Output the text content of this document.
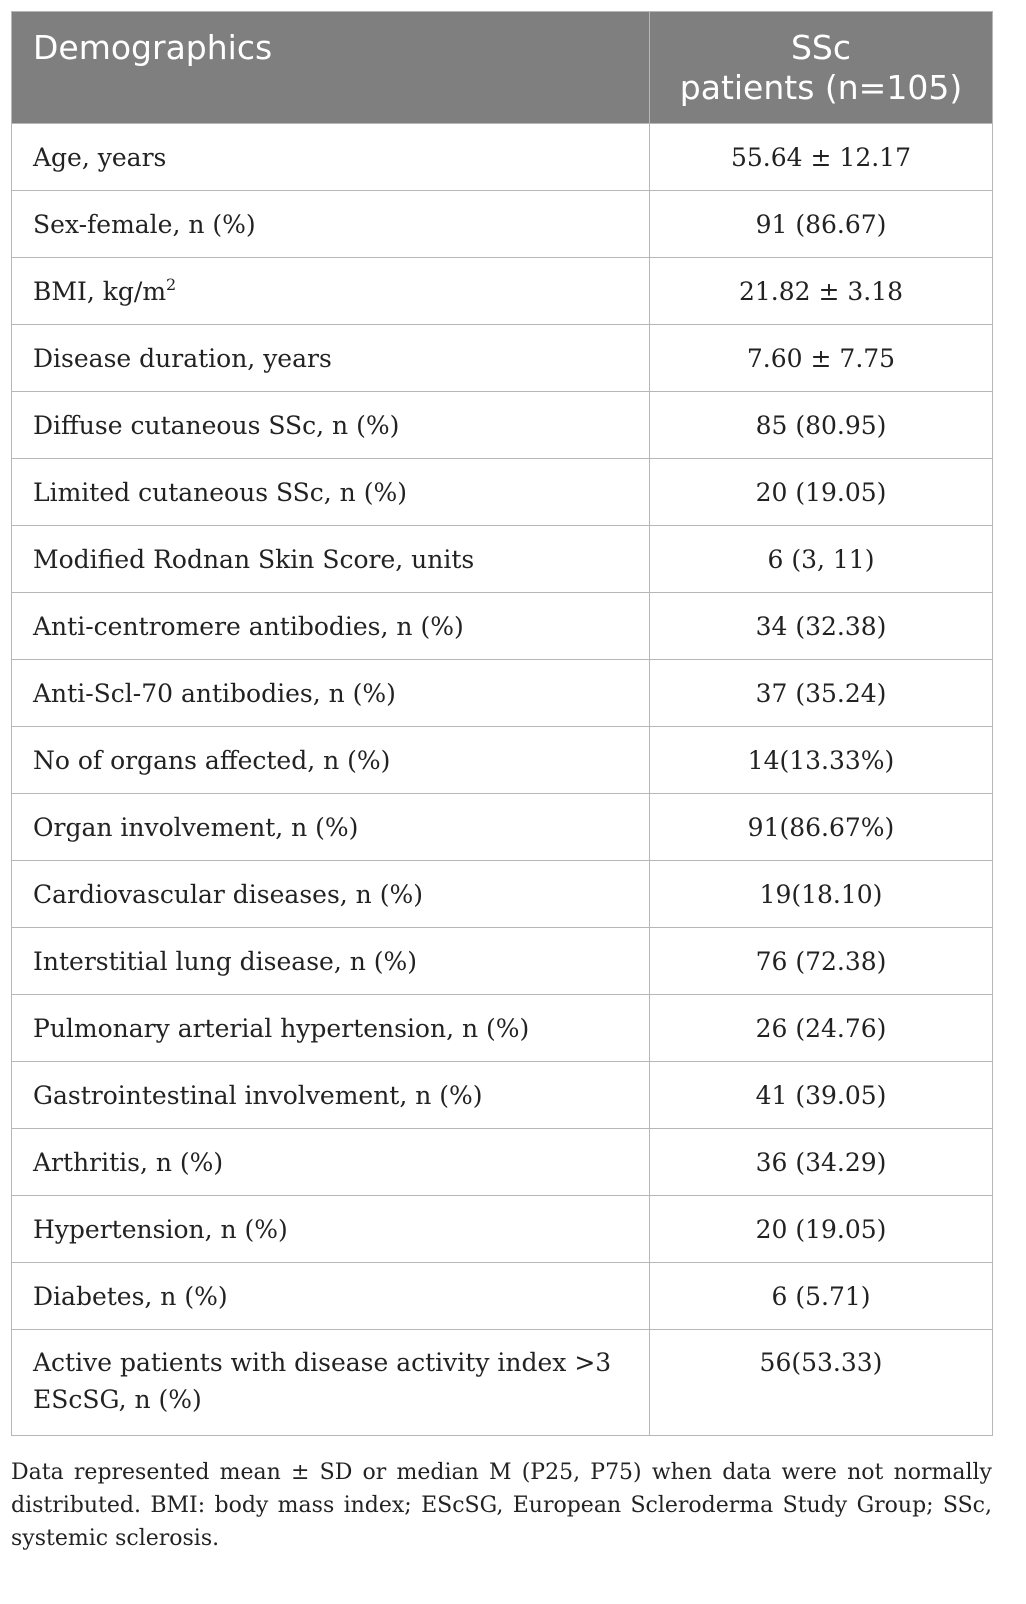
Demographics	SSc
patients (n=105)

Age, years	55.64 ± 12.17
Sex-female, n (%)	91 (86.67)
BMI, $kg/m^2$	21.82 ± 3.18
Disease duration, years	7.60 ± 7.75
Diffuse cutaneous SSc, n (%)	85 (80.95)
Limited cutaneous SSc, n (%)	20 (19.05)
Modified Rodnan Skin Score, units	6 (3, 11)
Anti-centromere antibodies, n (%)	34 (32.38)
Anti-Scl-70 antibodies, n (%)	37 (35.24)
No of organs affected, n (%)	14(13.33%)
Organ involvement, n (%)	91(86.67%)
Cardiovascular diseases, n (%)	19(18.10)
Interstitial lung disease, n (%)	76 (72.38)
Pulmonary arterial hypertension, n (%)	26 (24.76)
Gastrointestinal involvement, n (%)	41 (39.05)
Arthritis, n (%)	36 (34.29)
Hypertension, n (%)	20 (19.05)
Diabetes, n (%)	6 (5.71)

Active patients with disease activity index >3
EScSG, n (%)	56(53.33)
Data represented mean ± SD or median M (P25, P75) when data were not normally distributed. BMI: body mass index; EScSG, European Scleroderma Study Group; SSc, systemic sclerosis.
